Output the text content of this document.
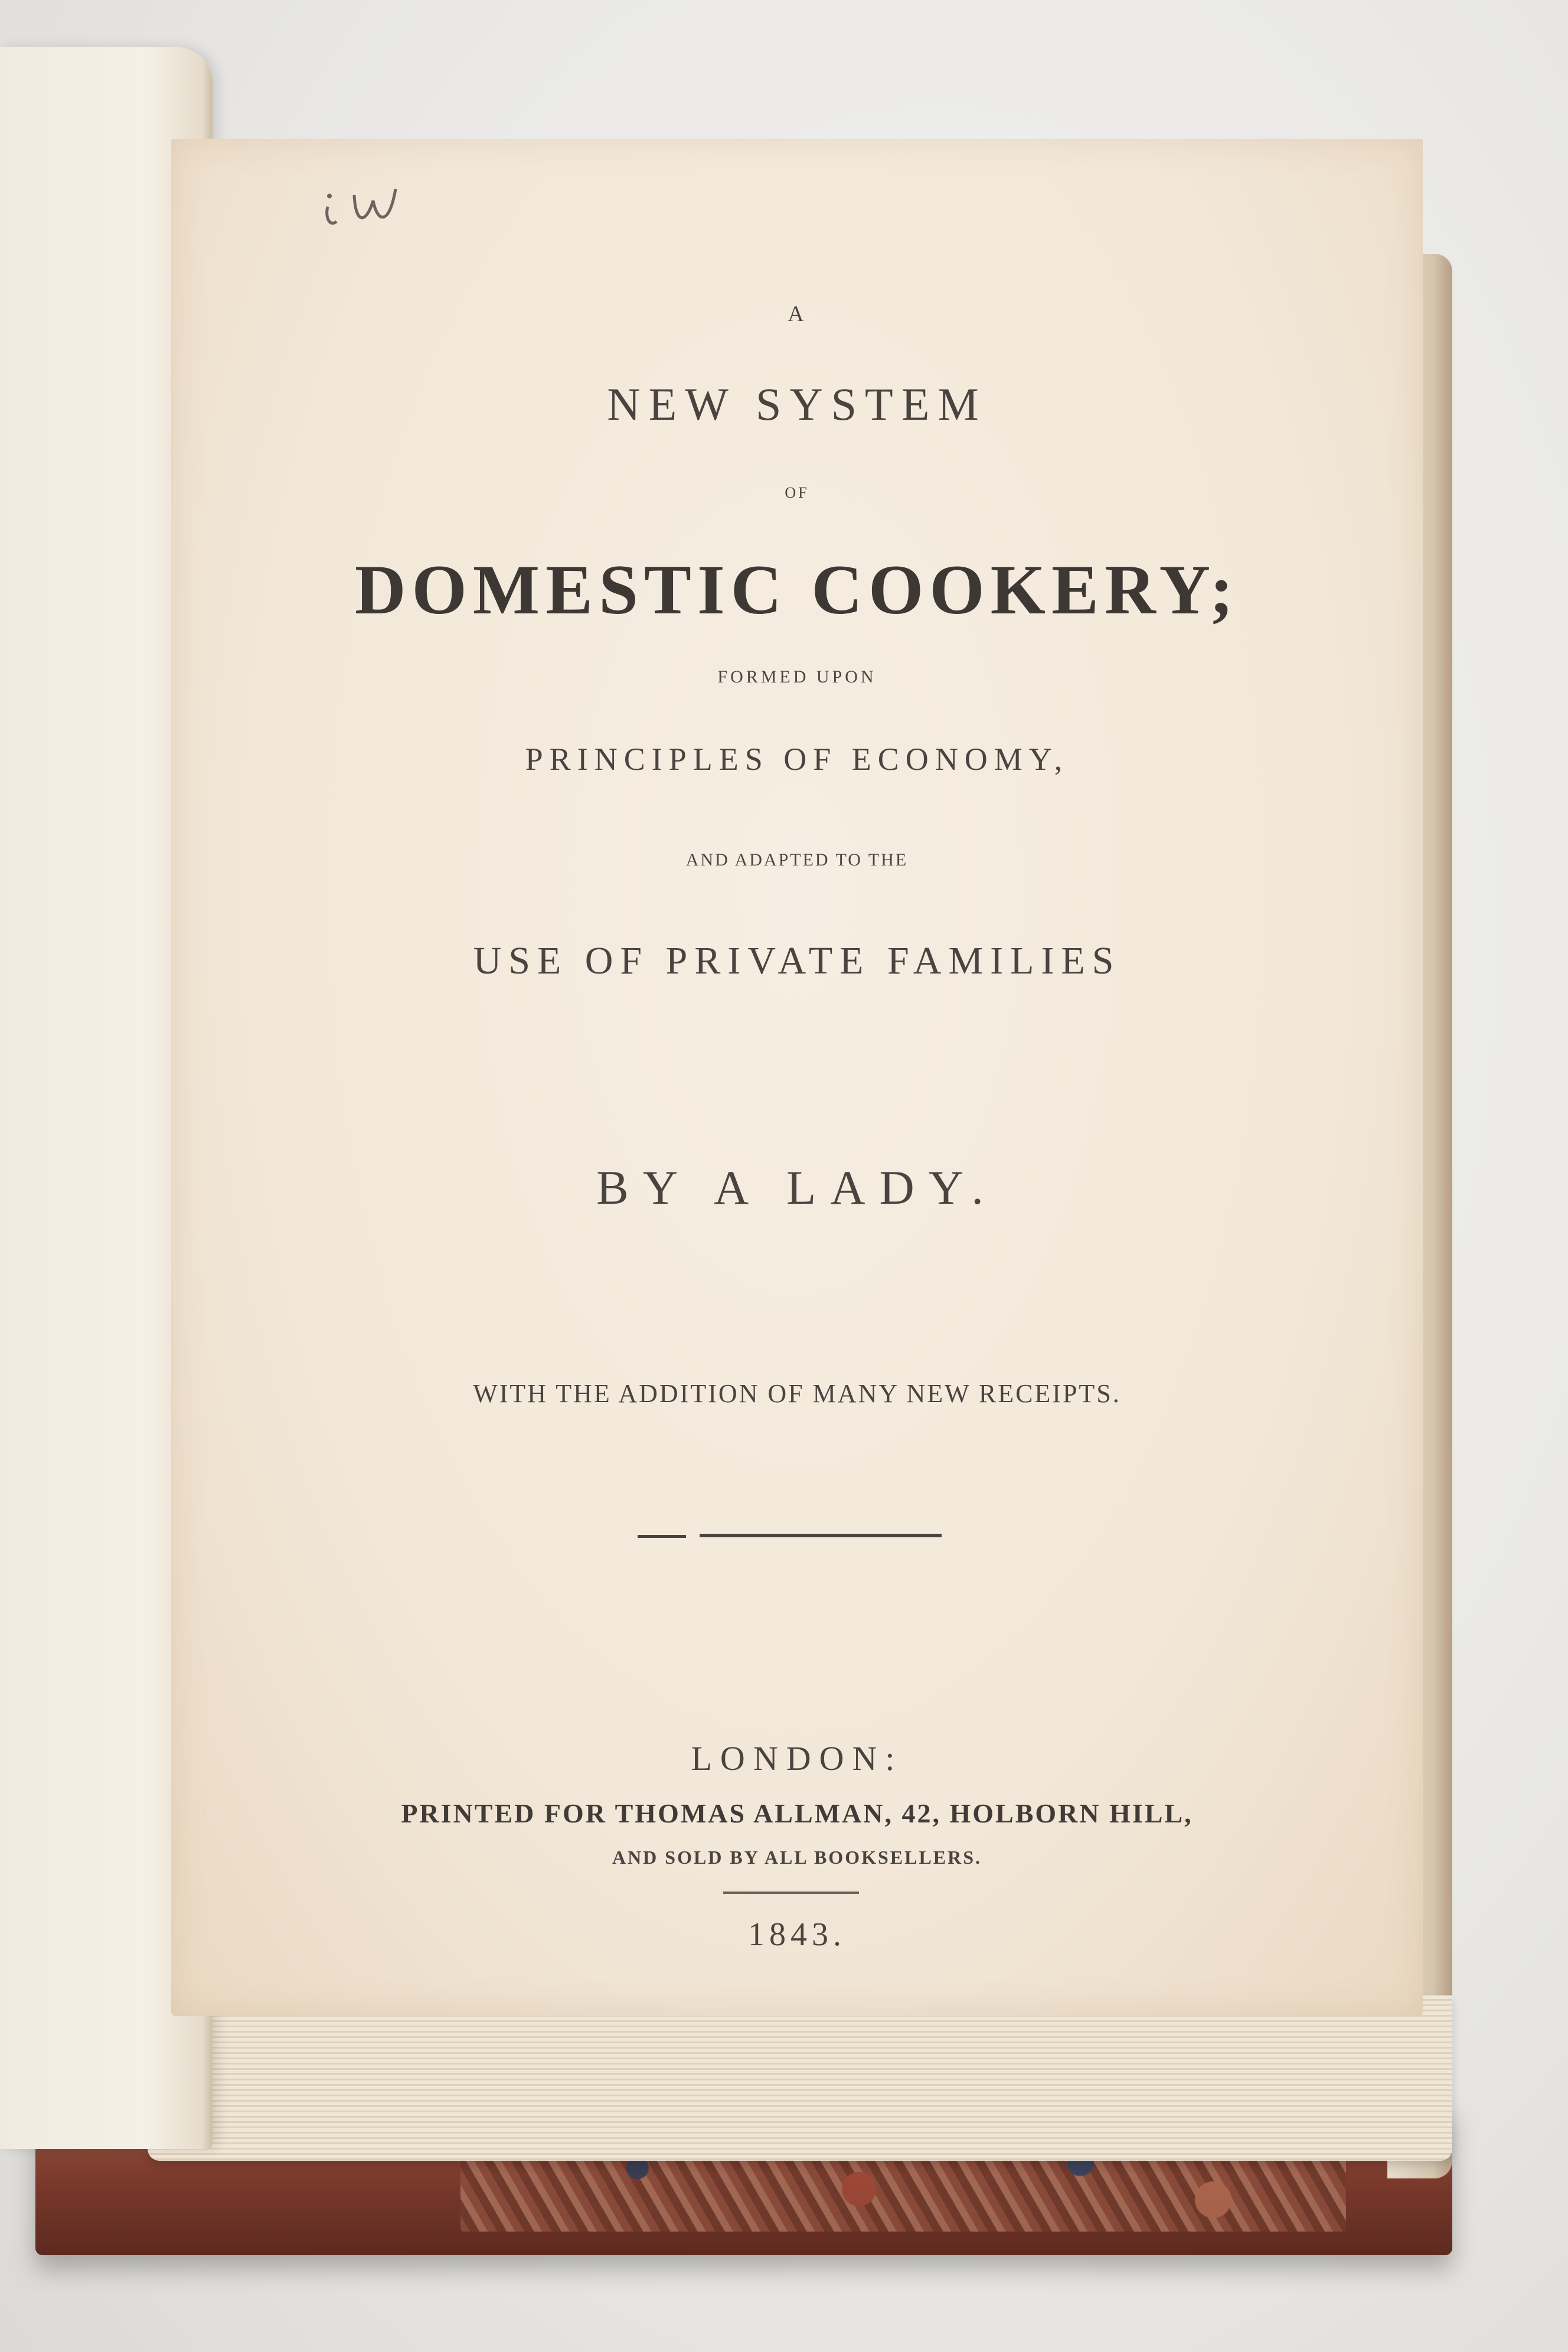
A
NEW SYSTEM
OF
DOMESTIC COOKERY;
FORMED UPON
PRINCIPLES OF ECONOMY,
AND ADAPTED TO THE
USE OF PRIVATE FAMILIES
BY A LADY.
WITH THE ADDITION OF MANY NEW RECEIPTS.
LONDON:
PRINTED FOR THOMAS ALLMAN, 42, HOLBORN HILL,
AND SOLD BY ALL BOOKSELLERS.
1843.
